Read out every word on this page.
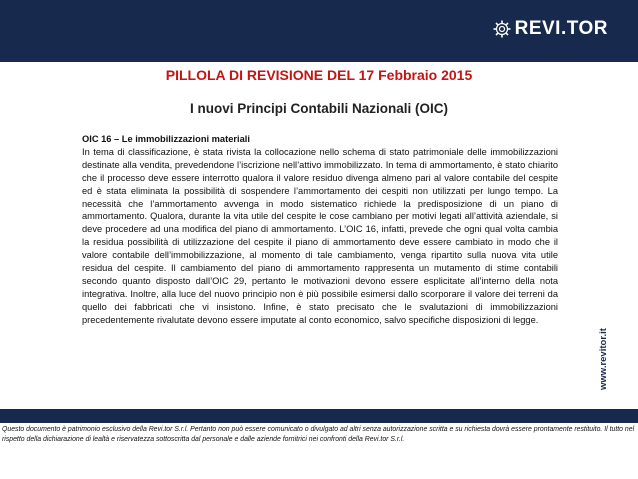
REVI.TOR
PILLOLA DI REVISIONE DEL 17 Febbraio 2015
I nuovi Principi Contabili Nazionali (OIC)

OIC 16 – Le immobilizzazioni materiali

In tema di classificazione, è stata rivista la collocazione nello schema di stato patrimoniale delle immobilizzazioni destinate alla vendita, prevedendone l’iscrizione nell’attivo immobilizzato. In tema di ammortamento, è stato chiarito che il processo deve essere interrotto qualora il valore residuo divenga almeno pari al valore contabile del cespite ed è stata eliminata la possibilità di sospendere l’ammortamento dei cespiti non utilizzati per lungo tempo. La necessità che l’ammortamento avvenga in modo sistematico richiede la predisposizione di un piano di ammortamento. Qualora, durante la vita utile del cespite le cose cambiano per motivi legati all’attività aziendale, si deve procedere ad una modifica del piano di ammortamento. L’OIC 16, infatti, prevede che ogni qual volta cambia la residua possibilità di utilizzazione del cespite il piano di ammortamento deve essere cambiato in modo che il valore contabile dell’immobilizzazione, al momento di tale cambiamento, venga ripartito sulla nuova vita utile residua del cespite. Il cambiamento del piano di ammortamento rappresenta un mutamento di stime contabili secondo quanto disposto dall’OIC 29, pertanto le motivazioni devono essere esplicitate all’interno della nota integrativa. Inoltre, alla luce del nuovo principio non è più possibile esimersi dallo scorporare il valore dei terreni da quello dei fabbricati che vi insistono. Infine, è stato precisato che le svalutazioni di immobilizzazioni precedentemente rivalutate devono essere imputate al conto economico, salvo specifiche disposizioni di legge.

www.revitor.it
Questo documento è patrimonio esclusivo della Revi.tor S.r.l. Pertanto non può essere comunicato o divulgato ad altri senza autorizzazione scritta e su richiesta dovrà essere prontamente restituito. Il tutto nel rispetto della dichiarazione di lealtà e riservatezza sottoscritta dal personale e dalle aziende fornitrici nei confronti della Revi.tor S.r.l.
